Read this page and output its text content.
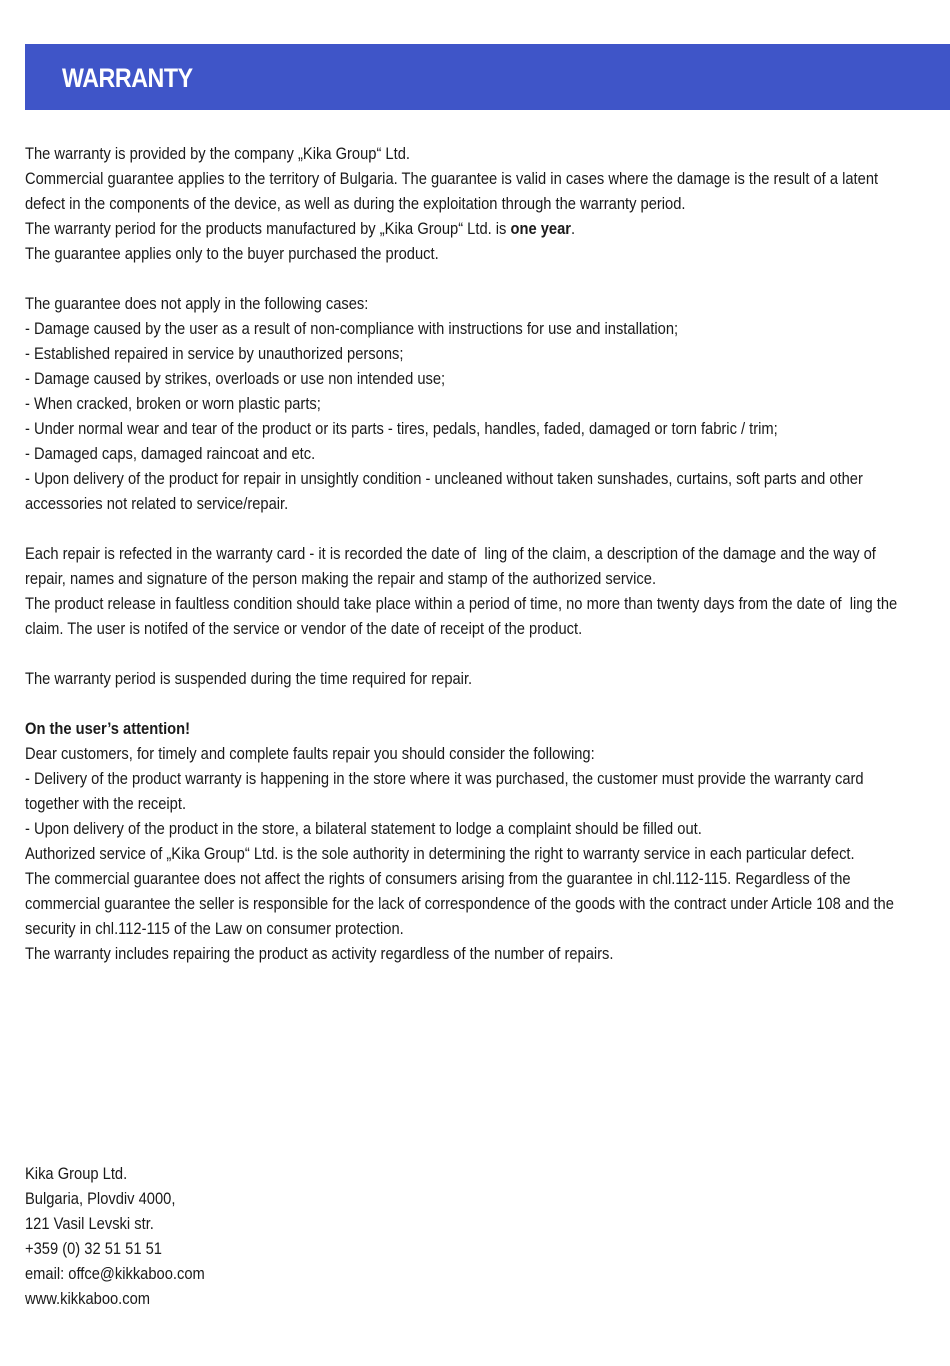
WARRANTY

The warranty is provided by the company „Kika Group“ Ltd.

Commercial guarantee applies to the territory of Bulgaria. The guarantee is valid in cases where the damage is the result of a latent defect in the components of the device, as well as during the exploitation through the warranty period.

The warranty period for the products manufactured by „Kika Group“ Ltd. is one year.

The guarantee applies only to the buyer purchased the product.

The guarantee does not apply in the following cases:

- Damage caused by the user as a result of non-compliance with instructions for use and installation;

- Established repaired in service by unauthorized persons;

- Damage caused by strikes, overloads or use non intended use;

- When cracked, broken or worn plastic parts;

- Under normal wear and tear of the product or its parts - tires, pedals, handles, faded, damaged or torn fabric / trim;

- Damaged caps, damaged raincoat and etc.

- Upon delivery of the product for repair in unsightly condition - uncleaned without taken sunshades, curtains, soft parts and other accessories not related to service/repair.

Each repair is refected in the warranty card - it is recorded the date of  ling of the claim, a description of the damage and the way of repair, names and signature of the person making the repair and stamp of the authorized service.

The product release in faultless condition should take place within a period of time, no more than twenty days from the date of  ling the claim. The user is notifed of the service or vendor of the date of receipt of the product.

The warranty period is suspended during the time required for repair.

On the user’s attention!

Dear customers, for timely and complete faults repair you should consider the following:

- Delivery of the product warranty is happening in the store where it was purchased, the customer must provide the warranty card together with the receipt.

- Upon delivery of the product in the store, a bilateral statement to lodge a complaint should be filled out.

Authorized service of „Kika Group“ Ltd. is the sole authority in determining the right to warranty service in each particular defect.

The commercial guarantee does not affect the rights of consumers arising from the guarantee in chl.112-115. Regardless of the commercial guarantee the seller is responsible for the lack of correspondence of the goods with the contract under Article 108 and the security in chl.112-115 of the Law on consumer protection.

The warranty includes repairing the product as activity regardless of the number of repairs.

Kika Group Ltd.

Bulgaria, Plovdiv 4000,

121 Vasil Levski str.

+359 (0) 32 51 51 51

email: offce@kikkaboo.com

www.kikkaboo.com
